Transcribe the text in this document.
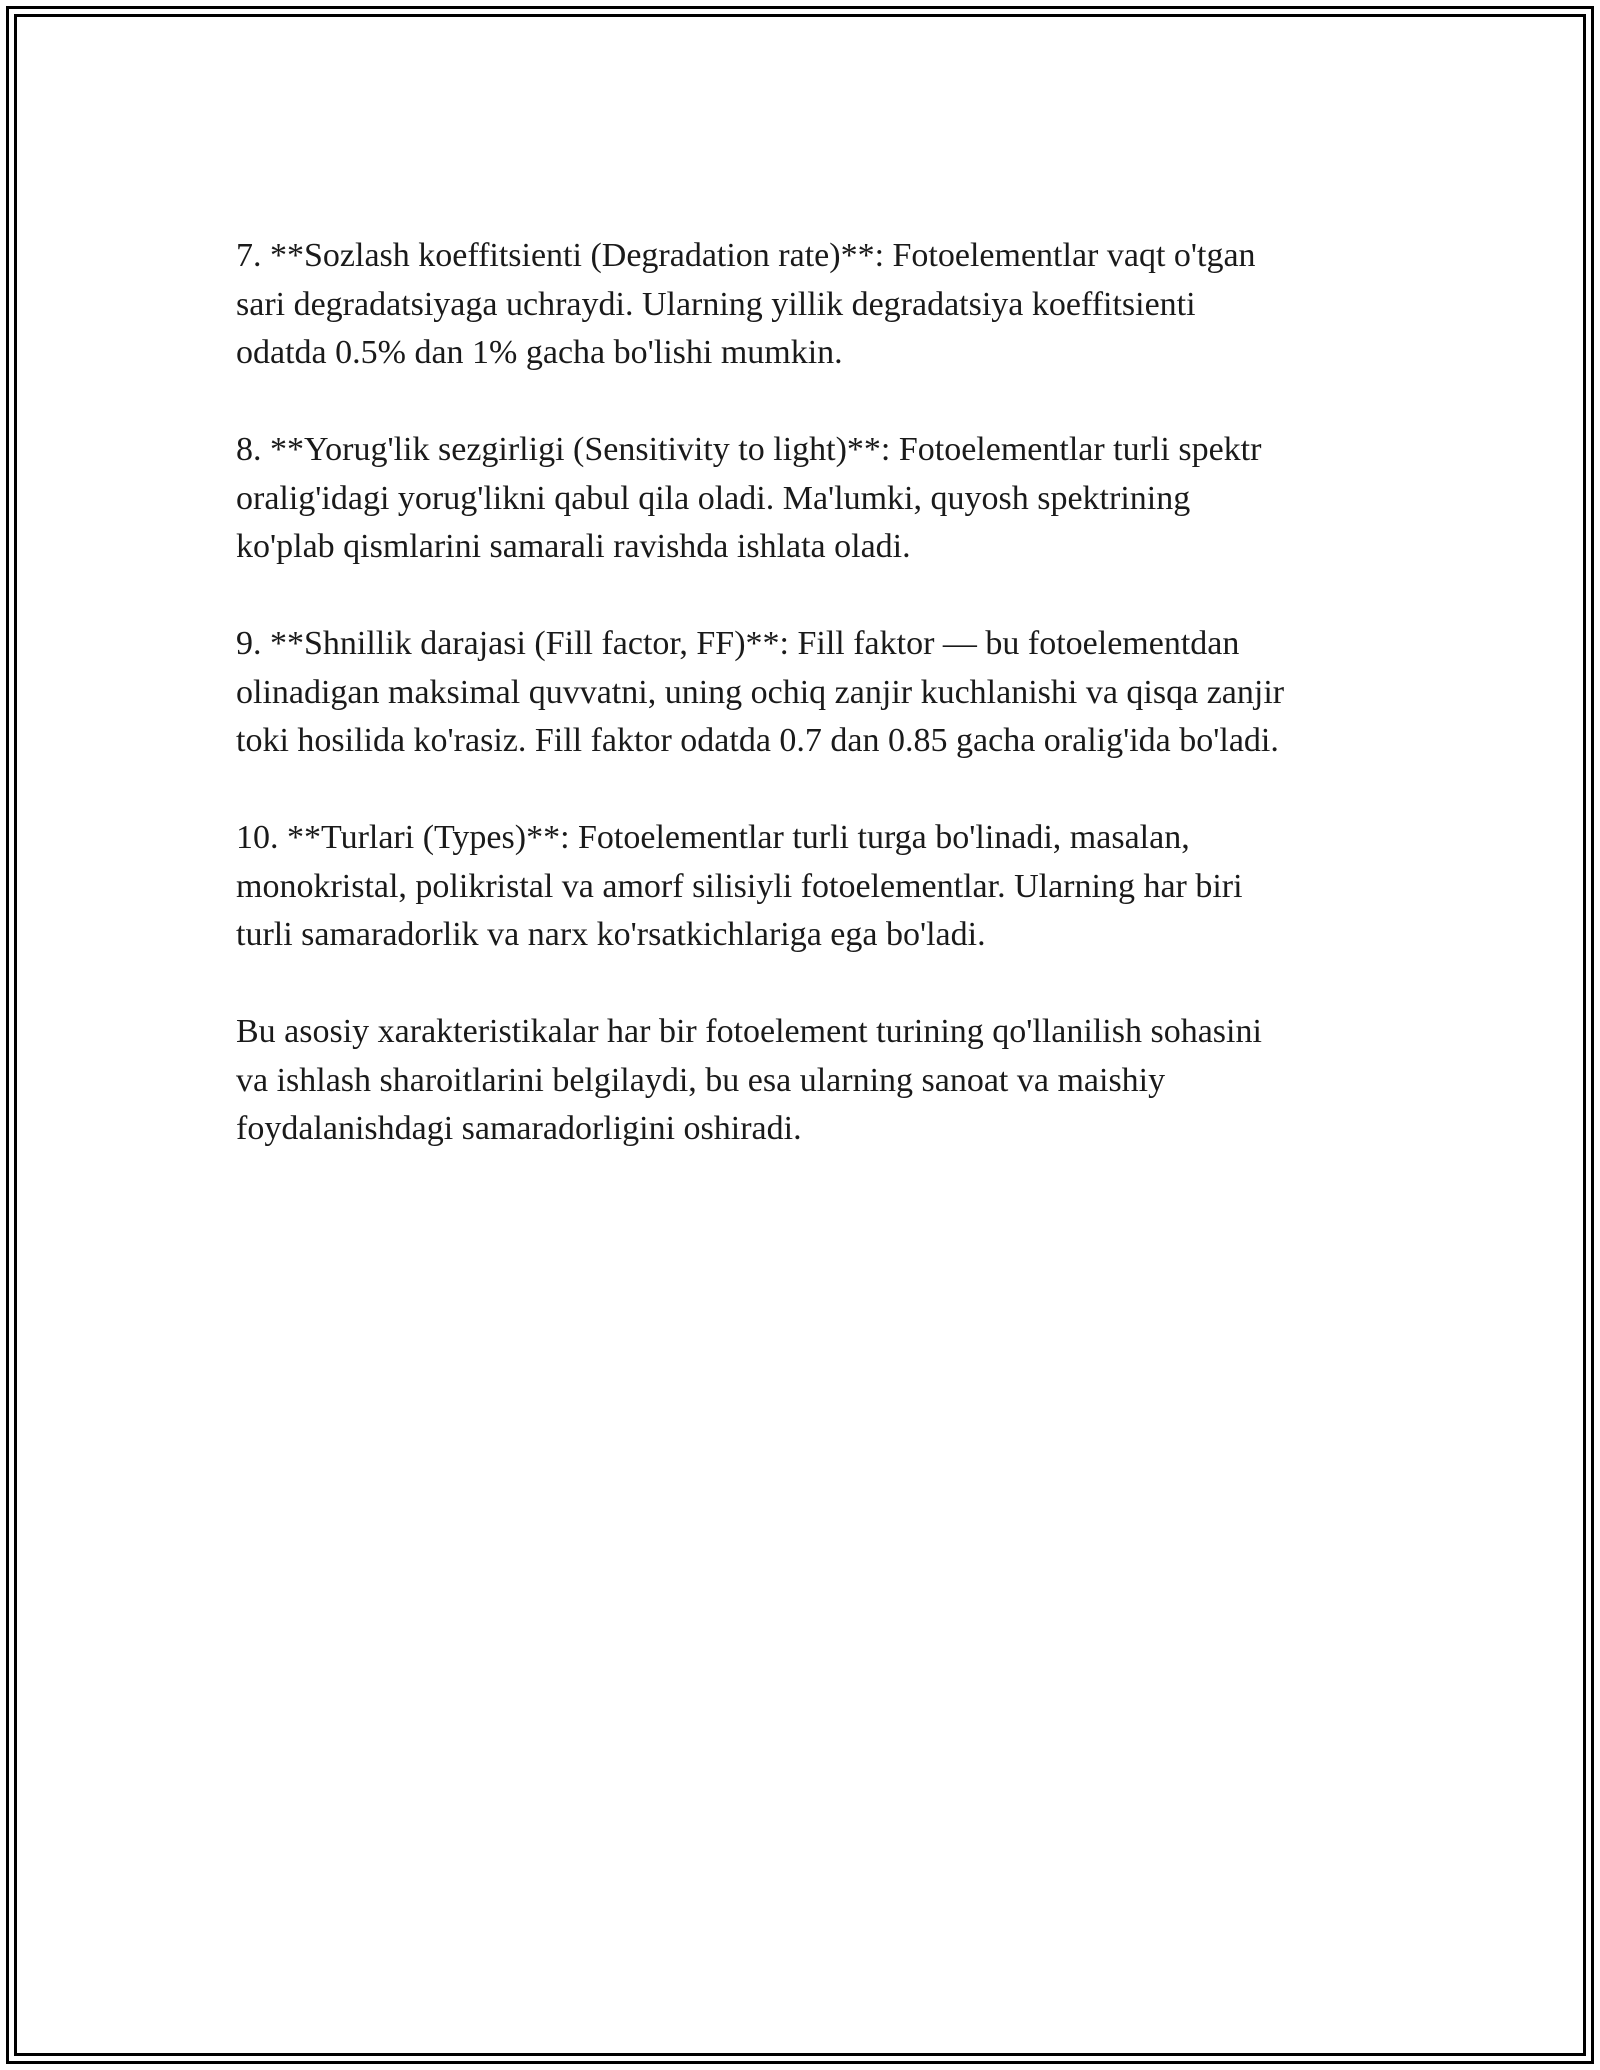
7. **Sozlash koeffitsienti (Degradation rate)**: Fotoelementlar vaqt o'tgan
sari degradatsiyaga uchraydi. Ularning yillik degradatsiya koeffitsienti
odatda 0.5% dan 1% gacha bo'lishi mumkin.

8. **Yorug'lik sezgirligi (Sensitivity to light)**: Fotoelementlar turli spektr
oralig'idagi yorug'likni qabul qila oladi. Ma'lumki, quyosh spektrining
ko'plab qismlarini samarali ravishda ishlata oladi.

9. **Shnillik darajasi (Fill factor, FF)**: Fill faktor — bu fotoelementdan
olinadigan maksimal quvvatni, uning ochiq zanjir kuchlanishi va qisqa zanjir
toki hosilida ko'rasiz. Fill faktor odatda 0.7 dan 0.85 gacha oralig'ida bo'ladi.

10. **Turlari (Types)**: Fotoelementlar turli turga bo'linadi, masalan,
monokristal, polikristal va amorf silisiyli fotoelementlar. Ularning har biri
turli samaradorlik va narx ko'rsatkichlariga ega bo'ladi.

Bu asosiy xarakteristikalar har bir fotoelement turining qo'llanilish sohasini
va ishlash sharoitlarini belgilaydi, bu esa ularning sanoat va maishiy
foydalanishdagi samaradorligini oshiradi.
